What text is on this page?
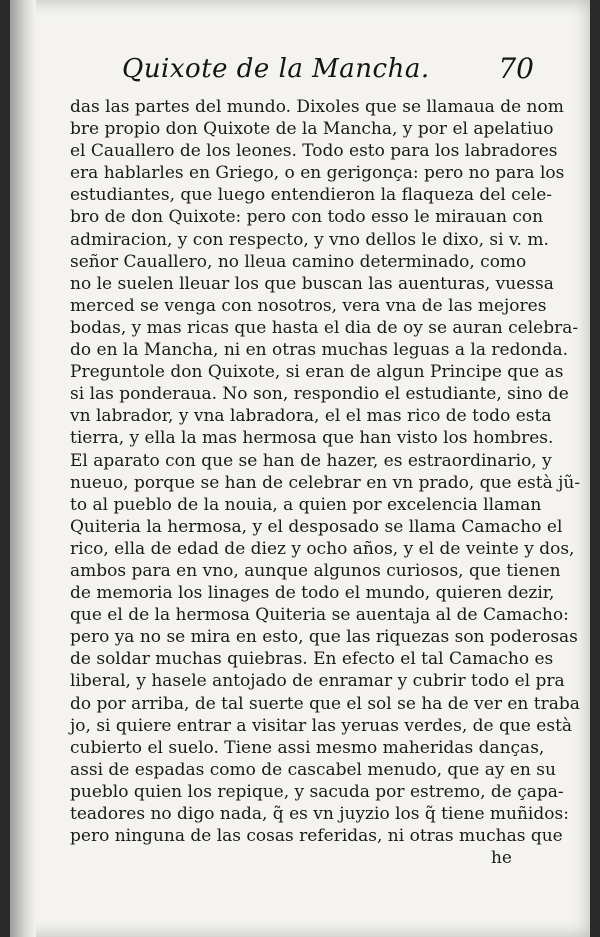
Quixote de la Mancha. 70
das las partes del mundo. Dixoles que se llamaua de nom
bre propio don Quixote de la Mancha, y por el apelatiuo
el Cauallero de los leones. Todo esto para los labradores
era hablarles en Griego, o en gerigonça: pero no para los
estudiantes, que luego entendieron la flaqueza del cele-
bro de don Quixote: pero con todo esso le mirauan con
admiracion, y con respecto, y vno dellos le dixo, si v. m.
señor Cauallero, no lleua camino determinado, como
no le suelen lleuar los que buscan las auenturas, vuessa
merced se venga con nosotros, vera vna de las mejores
bodas, y mas ricas que hasta el dia de oy se auran celebra-
do en la Mancha, ni en otras muchas leguas a la redonda.
Preguntole don Quixote, si eran de algun Principe que as
si las ponderaua. No son, respondio el estudiante, sino de
vn labrador, y vna labradora, el el mas rico de todo esta
tierra, y ella la mas hermosa que han visto los hombres.
El aparato con que se han de hazer, es estraordinario, y
nueuo, porque se han de celebrar en vn prado, que està jũ-
to al pueblo de la nouia, a quien por excelencia llaman
Quiteria la hermosa, y el desposado se llama Camacho el
rico, ella de edad de diez y ocho años, y el de veinte y dos,
ambos para en vno, aunque algunos curiosos, que tienen
de memoria los linages de todo el mundo, quieren dezir,
que el de la hermosa Quiteria se auentaja al de Camacho:
pero ya no se mira en esto, que las riquezas son poderosas
de soldar muchas quiebras. En efecto el tal Camacho es
liberal, y hasele antojado de enramar y cubrir todo el pra
do por arriba, de tal suerte que el sol se ha de ver en traba
jo, si quiere entrar a visitar las yeruas verdes, de que està
cubierto el suelo. Tiene assi mesmo maheridas danças,
assi de espadas como de cascabel menudo, que ay en su
pueblo quien los repique, y sacuda por estremo, de çapa-
teadores no digo nada, q̃ es vn juyzio los q̃ tiene muñidos:
pero ninguna de las cosas referidas, ni otras muchas que
he
